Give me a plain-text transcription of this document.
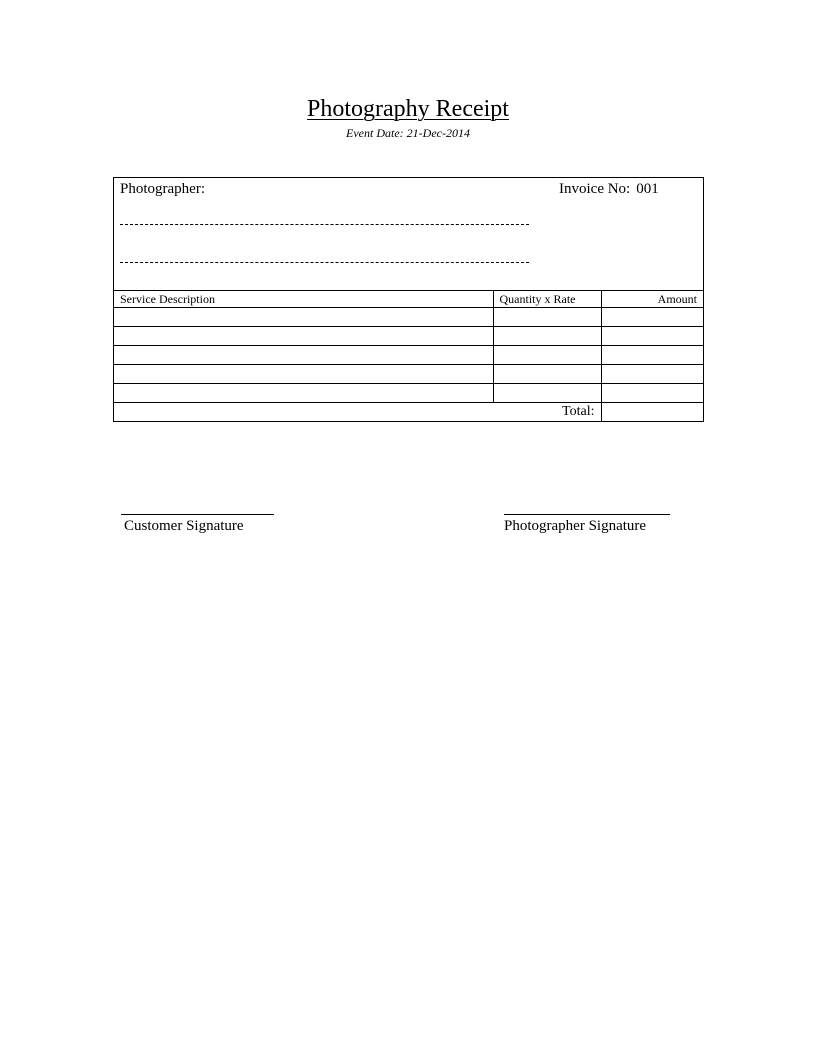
Photography Receipt
Event Date: 21-Dec-2014
Photographer:	Invoice No: 001
Service Description	Quantity x Rate	Amount

Total:		
Customer Signature	Photographer Signature
